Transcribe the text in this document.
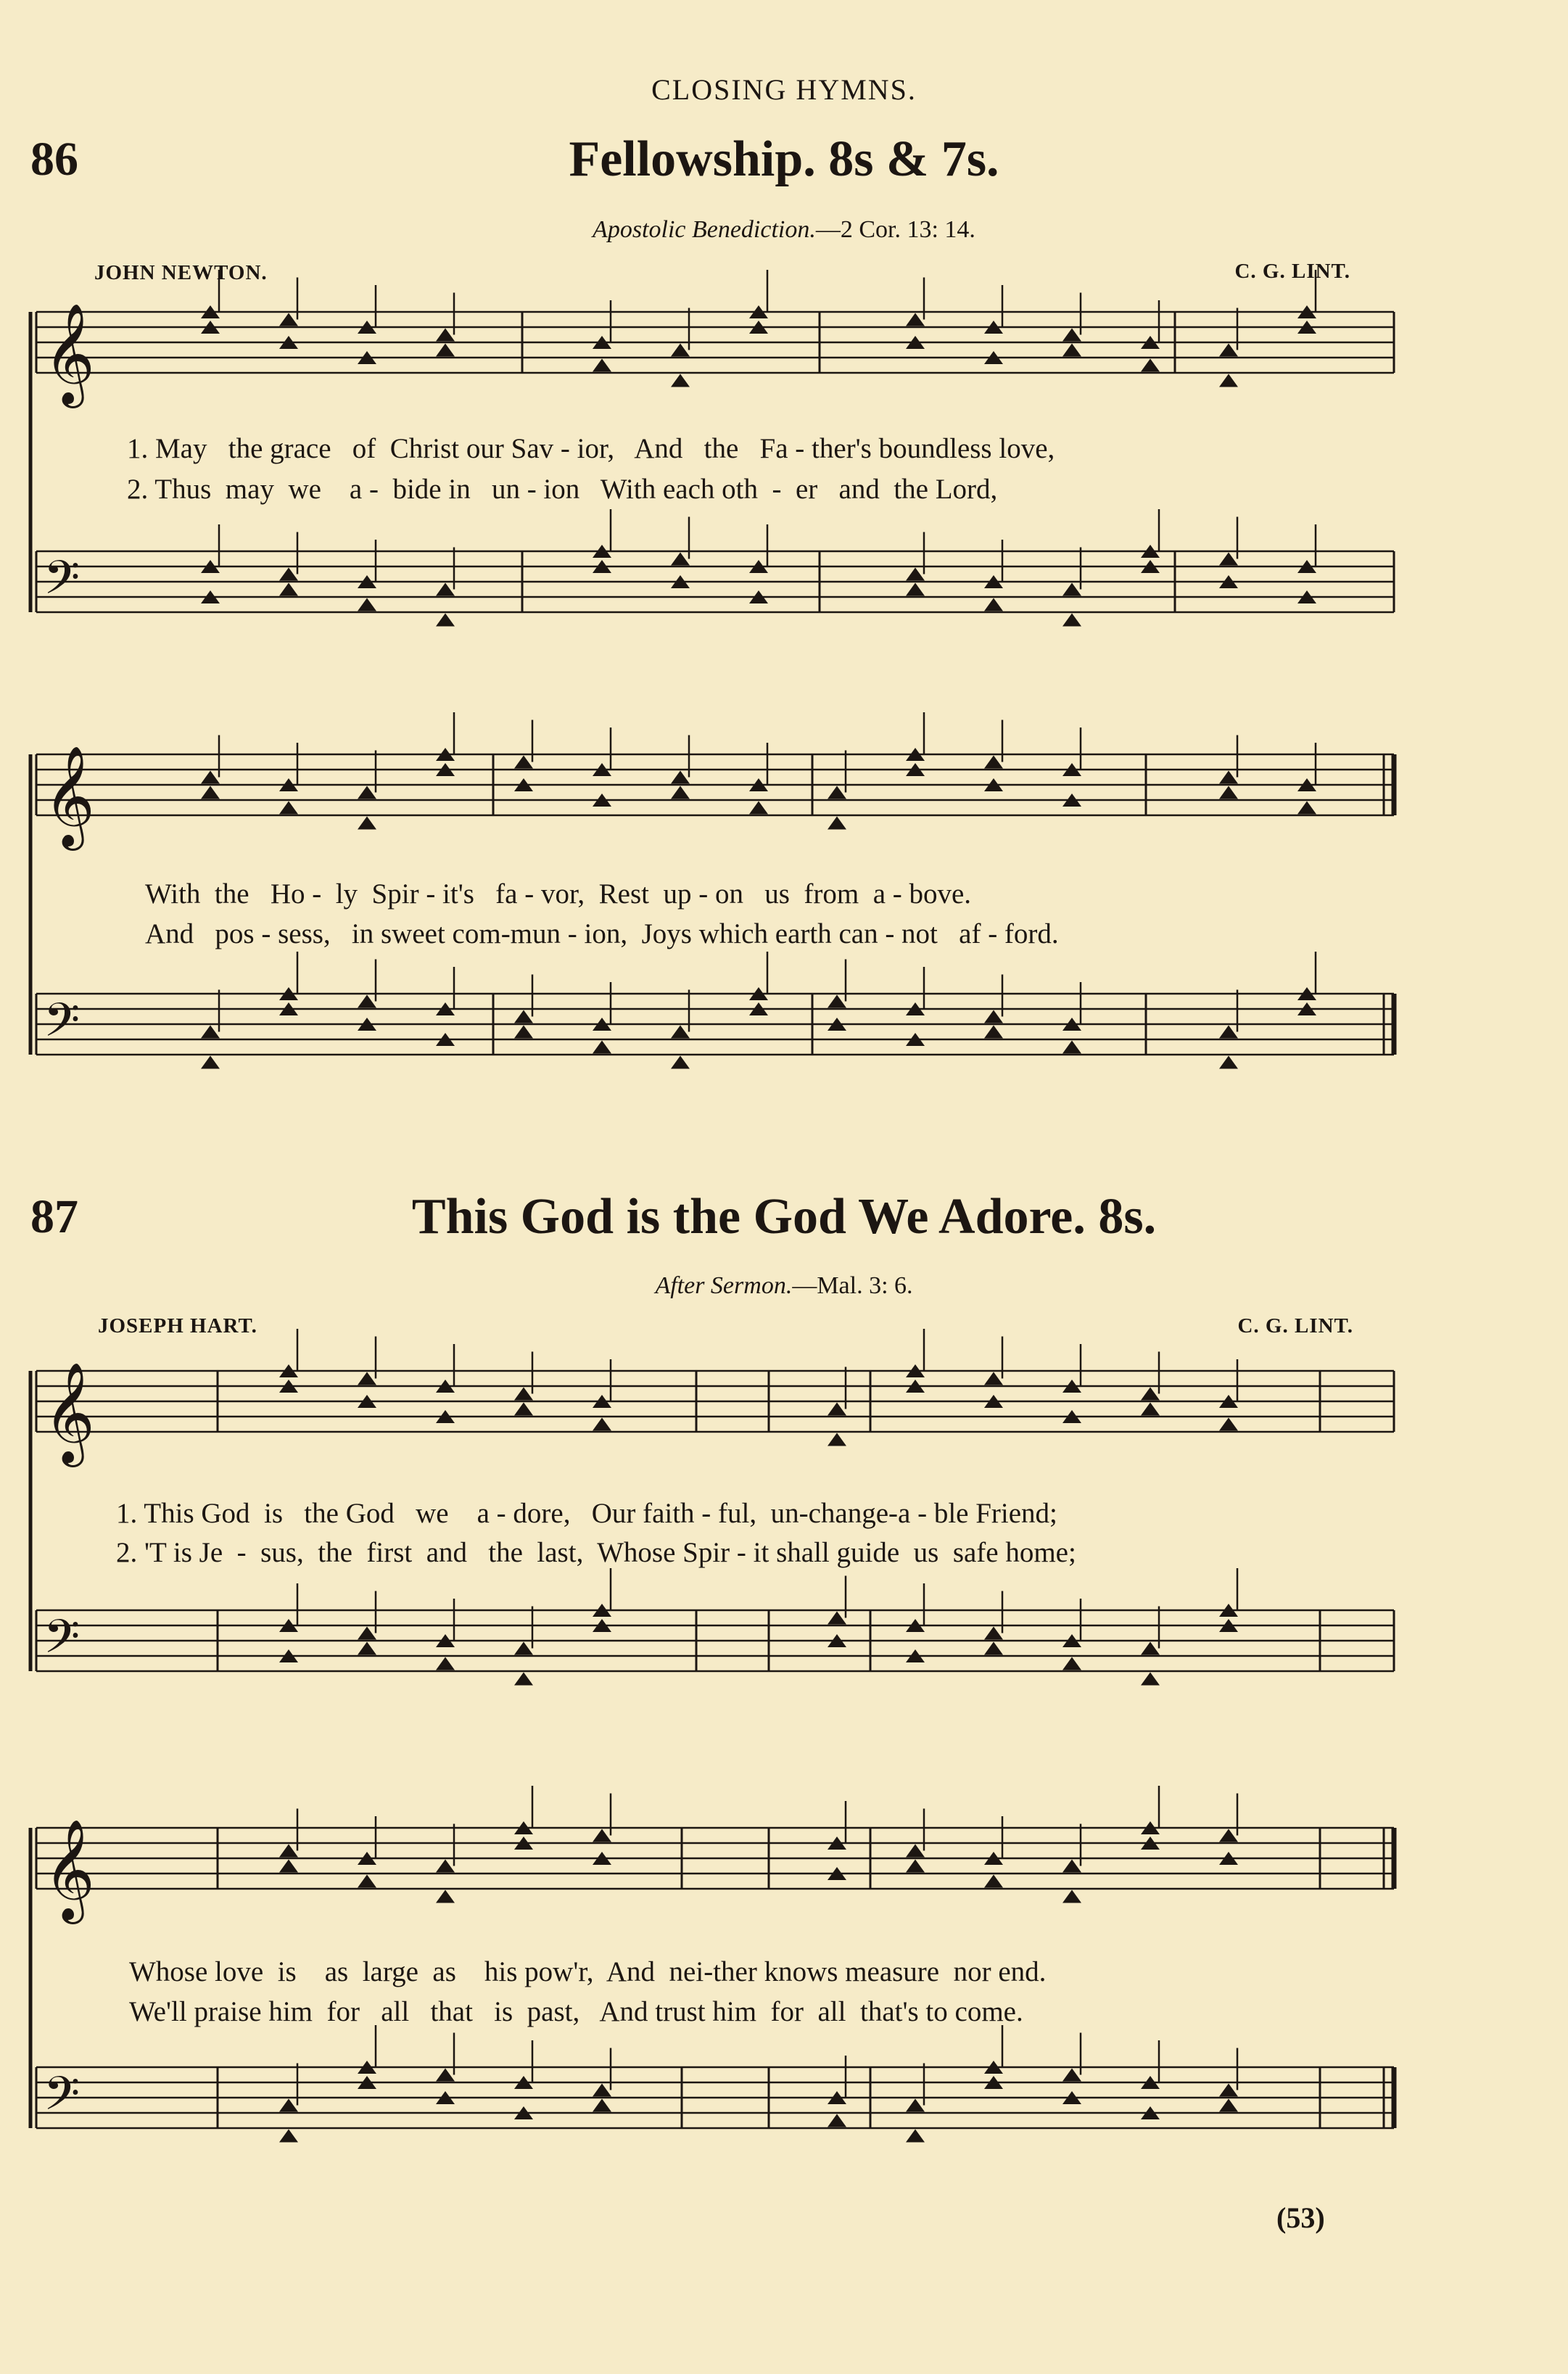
CLOSING HYMNS.
86	Fellowship. 8s & 7s.
Apostolic Benediction.—2 Cor. 13: 14.
JOHN NEWTON.	C. G. LINT.
1. May   the grace   of  Christ our Sav - ior,   And   the   Fa - ther's boundless love,
2. Thus  may  we    a -  bide in   un - ion   With each oth  -  er   and  the Lord,
With  the   Ho -  ly  Spir - it's   fa - vor,  Rest  up - on   us  from  a - bove.
And   pos - sess,   in sweet com-mun - ion,  Joys which earth can - not   af - ford.
87	This God is the God We Adore. 8s.
After Sermon.—Mal. 3: 6.
JOSEPH HART.	C. G. LINT.
1. This God  is   the God   we    a - dore,   Our faith - ful,  un-change-a - ble Friend;
2. 'T is Je  -  sus,  the  first  and   the  last,  Whose Spir - it shall guide  us  safe home;
Whose love  is    as  large  as    his pow'r,  And  nei-ther knows measure  nor end.
We'll praise him  for   all   that   is  past,   And trust him  for  all  that's to come.
(53)
𝄞
𝄢
𝄞
𝄢
𝄞
𝄢
𝄞
𝄢
